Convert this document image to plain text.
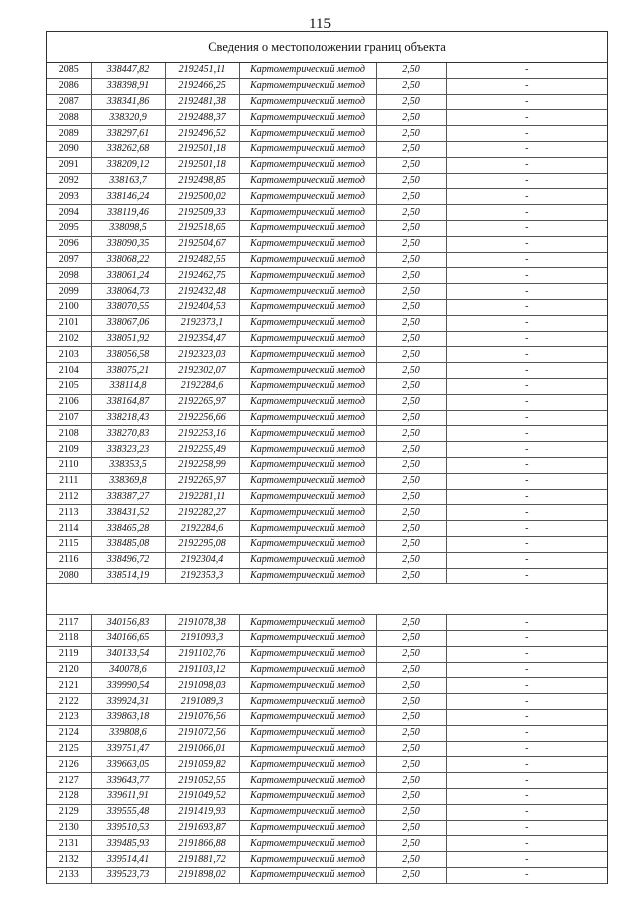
115
Сведения о местоположении границ объекта
2085	338447,82	2192451,11	Картометрический метод	2,50	-
2086	338398,91	2192466,25	Картометрический метод	2,50	-
2087	338341,86	2192481,38	Картометрический метод	2,50	-
2088	338320,9	2192488,37	Картометрический метод	2,50	-
2089	338297,61	2192496,52	Картометрический метод	2,50	-
2090	338262,68	2192501,18	Картометрический метод	2,50	-
2091	338209,12	2192501,18	Картометрический метод	2,50	-
2092	338163,7	2192498,85	Картометрический метод	2,50	-
2093	338146,24	2192500,02	Картометрический метод	2,50	-
2094	338119,46	2192509,33	Картометрический метод	2,50	-
2095	338098,5	2192518,65	Картометрический метод	2,50	-
2096	338090,35	2192504,67	Картометрический метод	2,50	-
2097	338068,22	2192482,55	Картометрический метод	2,50	-
2098	338061,24	2192462,75	Картометрический метод	2,50	-
2099	338064,73	2192432,48	Картометрический метод	2,50	-
2100	338070,55	2192404,53	Картометрический метод	2,50	-
2101	338067,06	2192373,1	Картометрический метод	2,50	-
2102	338051,92	2192354,47	Картометрический метод	2,50	-
2103	338056,58	2192323,03	Картометрический метод	2,50	-
2104	338075,21	2192302,07	Картометрический метод	2,50	-
2105	338114,8	2192284,6	Картометрический метод	2,50	-
2106	338164,87	2192265,97	Картометрический метод	2,50	-
2107	338218,43	2192256,66	Картометрический метод	2,50	-
2108	338270,83	2192253,16	Картометрический метод	2,50	-
2109	338323,23	2192255,49	Картометрический метод	2,50	-
2110	338353,5	2192258,99	Картометрический метод	2,50	-
2111	338369,8	2192265,97	Картометрический метод	2,50	-
2112	338387,27	2192281,11	Картометрический метод	2,50	-
2113	338431,52	2192282,27	Картометрический метод	2,50	-
2114	338465,28	2192284,6	Картометрический метод	2,50	-
2115	338485,08	2192295,08	Картометрический метод	2,50	-
2116	338496,72	2192304,4	Картометрический метод	2,50	-
2080	338514,19	2192353,3	Картометрический метод	2,50	-

2117	340156,83	2191078,38	Картометрический метод	2,50	-
2118	340166,65	2191093,3	Картометрический метод	2,50	-
2119	340133,54	2191102,76	Картометрический метод	2,50	-
2120	340078,6	2191103,12	Картометрический метод	2,50	-
2121	339990,54	2191098,03	Картометрический метод	2,50	-
2122	339924,31	2191089,3	Картометрический метод	2,50	-
2123	339863,18	2191076,56	Картометрический метод	2,50	-
2124	339808,6	2191072,56	Картометрический метод	2,50	-
2125	339751,47	2191066,01	Картометрический метод	2,50	-
2126	339663,05	2191059,82	Картометрический метод	2,50	-
2127	339643,77	2191052,55	Картометрический метод	2,50	-
2128	339611,91	2191049,52	Картометрический метод	2,50	-
2129	339555,48	2191419,93	Картометрический метод	2,50	-
2130	339510,53	2191693,87	Картометрический метод	2,50	-
2131	339485,93	2191866,88	Картометрический метод	2,50	-
2132	339514,41	2191881,72	Картометрический метод	2,50	-
2133	339523,73	2191898,02	Картометрический метод	2,50	-
